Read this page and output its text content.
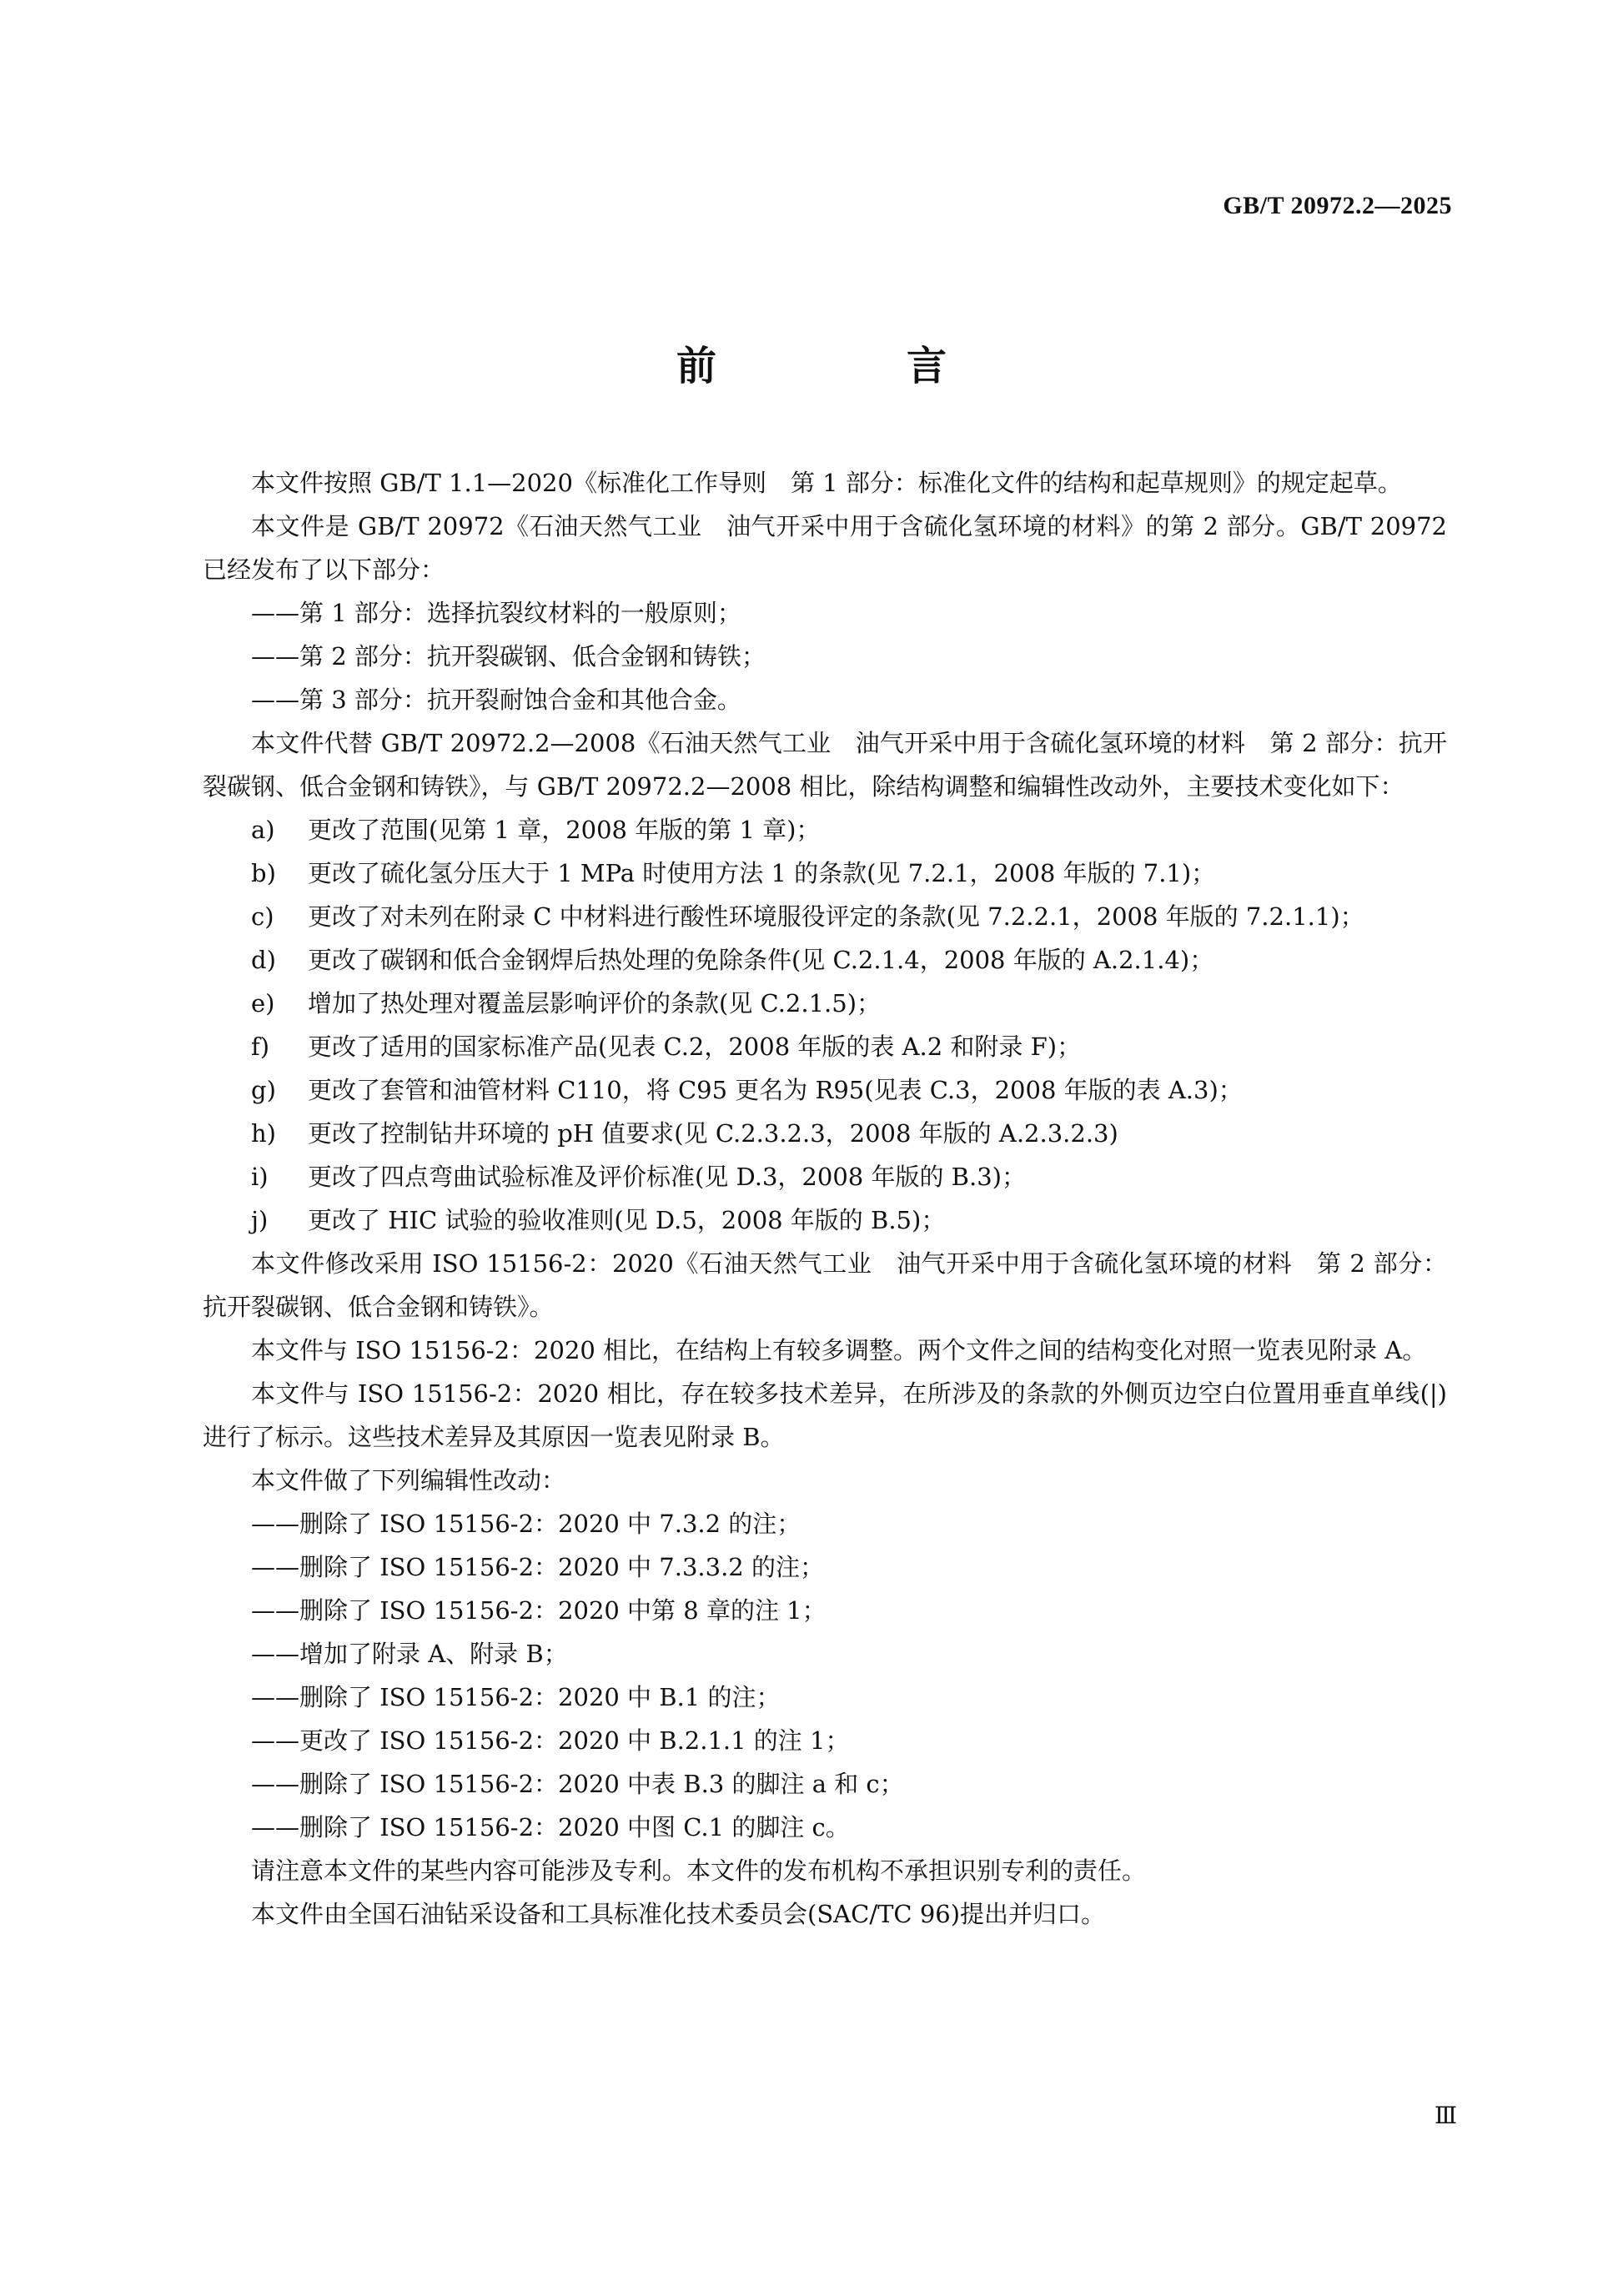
GB/T 20972.2—2025
前　言

本文件按照 GB/T 1.1—2020《标准化工作导则　第 1 部分：标准化文件的结构和起草规则》的规定起草。

本文件是 GB/T 20972《石油天然气工业　油气开采中用于含硫化氢环境的材料》的第 2 部分。GB/T 20972 已经发布了以下部分：

——第 1 部分：选择抗裂纹材料的一般原则；

——第 2 部分：抗开裂碳钢、低合金钢和铸铁；

——第 3 部分：抗开裂耐蚀合金和其他合金。

本文件代替 GB/T 20972.2—2008《石油天然气工业　油气开采中用于含硫化氢环境的材料　第 2 部分：抗开裂碳钢、低合金钢和铸铁》，与 GB/T 20972.2—2008 相比，除结构调整和编辑性改动外，主要技术变化如下：

a)	更改了范围(见第 1 章，2008 年版的第 1 章)；
b)	更改了硫化氢分压大于 1 MPa 时使用方法 1 的条款(见 7.2.1，2008 年版的 7.1)；
c)	更改了对未列在附录 C 中材料进行酸性环境服役评定的条款(见 7.2.2.1，2008 年版的 7.2.1.1)；
d)	更改了碳钢和低合金钢焊后热处理的免除条件(见 C.2.1.4，2008 年版的 A.2.1.4)；
e)	增加了热处理对覆盖层影响评价的条款(见 C.2.1.5)；
f)	更改了适用的国家标准产品(见表 C.2，2008 年版的表 A.2 和附录 F)；
g)	更改了套管和油管材料 C110，将 C95 更名为 R95(见表 C.3，2008 年版的表 A.3)；
h)	更改了控制钻井环境的 pH 值要求(见 C.2.3.2.3，2008 年版的 A.2.3.2.3)
i)	更改了四点弯曲试验标准及评价标准(见 D.3，2008 年版的 B.3)；
j)	更改了 HIC 试验的验收准则(见 D.5，2008 年版的 B.5)；

本文件修改采用 ISO 15156-2：2020《石油天然气工业　油气开采中用于含硫化氢环境的材料　第 2 部分：抗开裂碳钢、低合金钢和铸铁》。

本文件与 ISO 15156-2：2020 相比，在结构上有较多调整。两个文件之间的结构变化对照一览表见附录 A。

本文件与 ISO 15156-2：2020 相比，存在较多技术差异，在所涉及的条款的外侧页边空白位置用垂直单线(|)进行了标示。这些技术差异及其原因一览表见附录 B。

本文件做了下列编辑性改动：

——删除了 ISO 15156-2：2020 中 7.3.2 的注；

——删除了 ISO 15156-2：2020 中 7.3.3.2 的注；

——删除了 ISO 15156-2：2020 中第 8 章的注 1；

——增加了附录 A、附录 B；

——删除了 ISO 15156-2：2020 中 B.1 的注；

——更改了 ISO 15156-2：2020 中 B.2.1.1 的注 1；

——删除了 ISO 15156-2：2020 中表 B.3 的脚注 a 和 c；

——删除了 ISO 15156-2：2020 中图 C.1 的脚注 c。

请注意本文件的某些内容可能涉及专利。本文件的发布机构不承担识别专利的责任。

本文件由全国石油钻采设备和工具标准化技术委员会(SAC/TC 96)提出并归口。

Ⅲ
